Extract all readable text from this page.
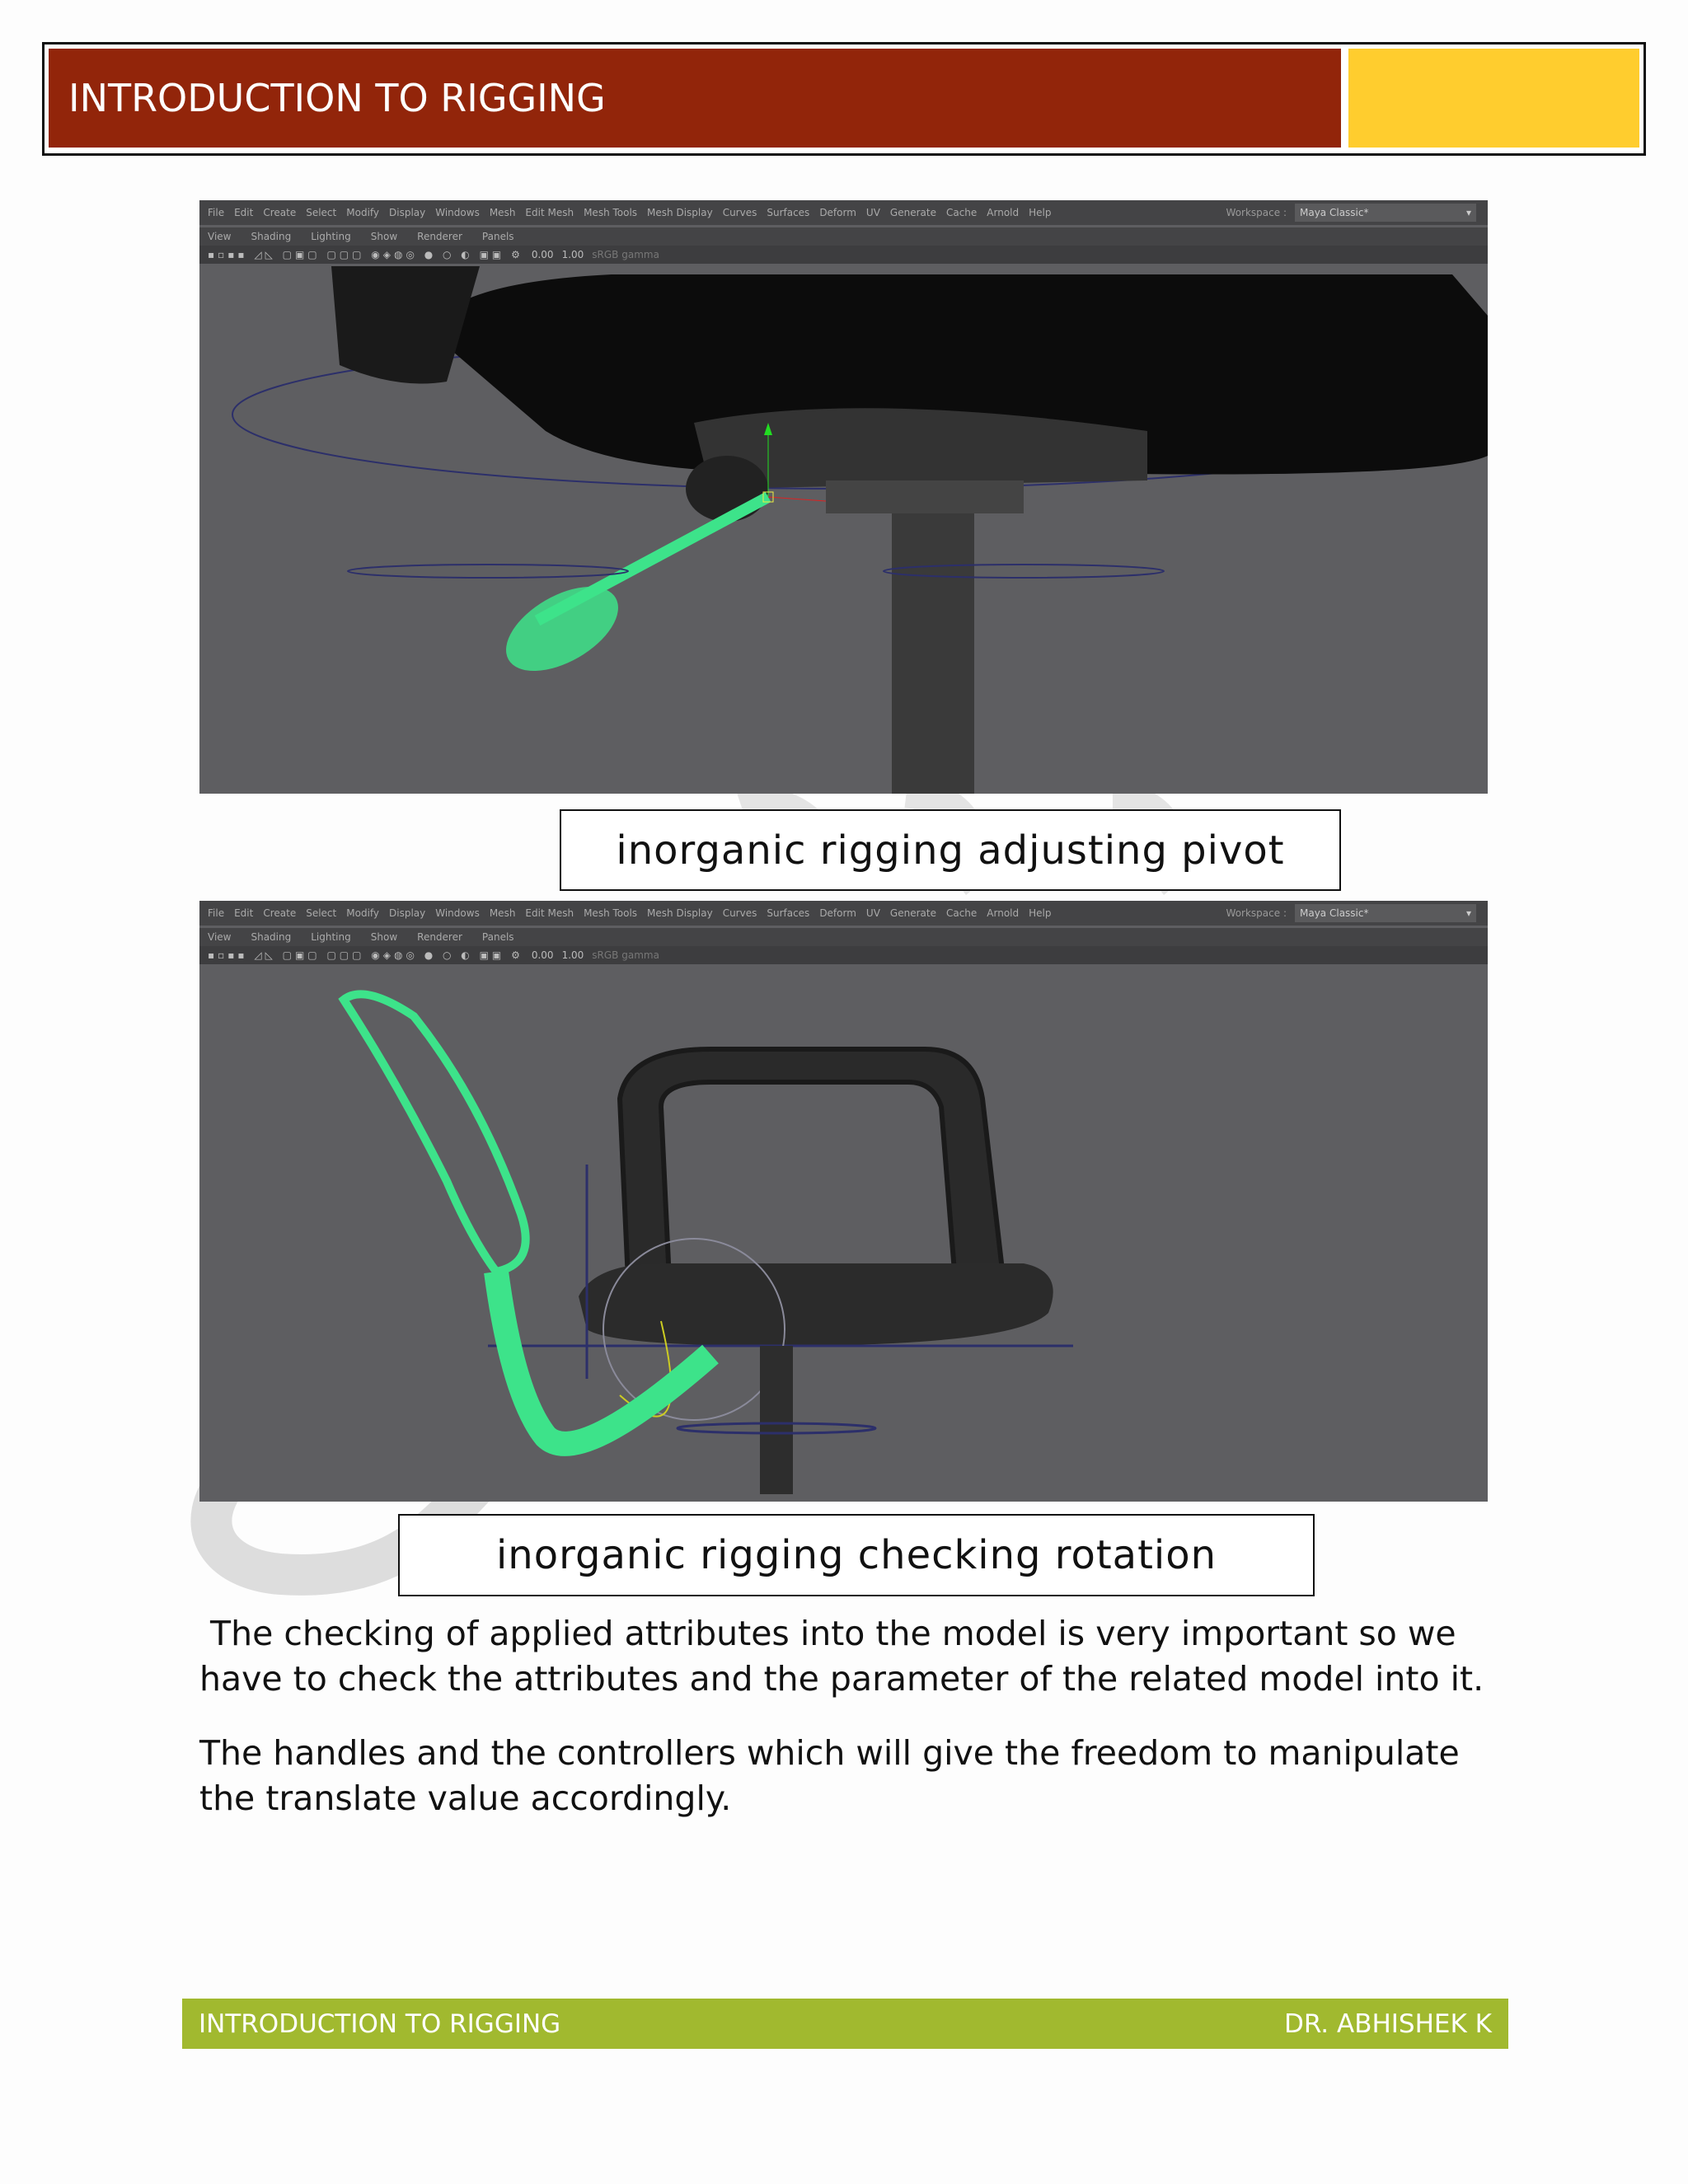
INTRODUCTION TO RIGGING
File Edit Create Select Modify Display Windows Mesh Edit Mesh Mesh Tools Mesh Display Curves Surfaces Deform UV Generate Cache Arnold Help	Workspace : Maya Classic*	▾
View Shading Lighting Show Renderer Panels
▪▫▪▪ ◿◺ ▢▣▢ ▢▢▢ ◉◈◍◎ ● ○ ◐ ▣▣ ⚙ 0.00 1.00 sRGB gamma
inorganic rigging adjusting pivot
File Edit Create Select Modify Display Windows Mesh Edit Mesh Mesh Tools Mesh Display Curves Surfaces Deform UV Generate Cache Arnold Help	Workspace : Maya Classic*	▾
View Shading Lighting Show Renderer Panels
▪▫▪▪ ◿◺ ▢▣▢ ▢▢▢ ◉◈◍◎ ● ○ ◐ ▣▣ ⚙ 0.00 1.00 sRGB gamma
inorganic rigging checking rotation

The checking of applied attributes into the model is very important so we have to check the attributes and the parameter of the related model into it.

The handles and the controllers which will give the freedom to manipulate the translate value accordingly.

INTRODUCTION TO RIGGING	DR. ABHISHEK K
